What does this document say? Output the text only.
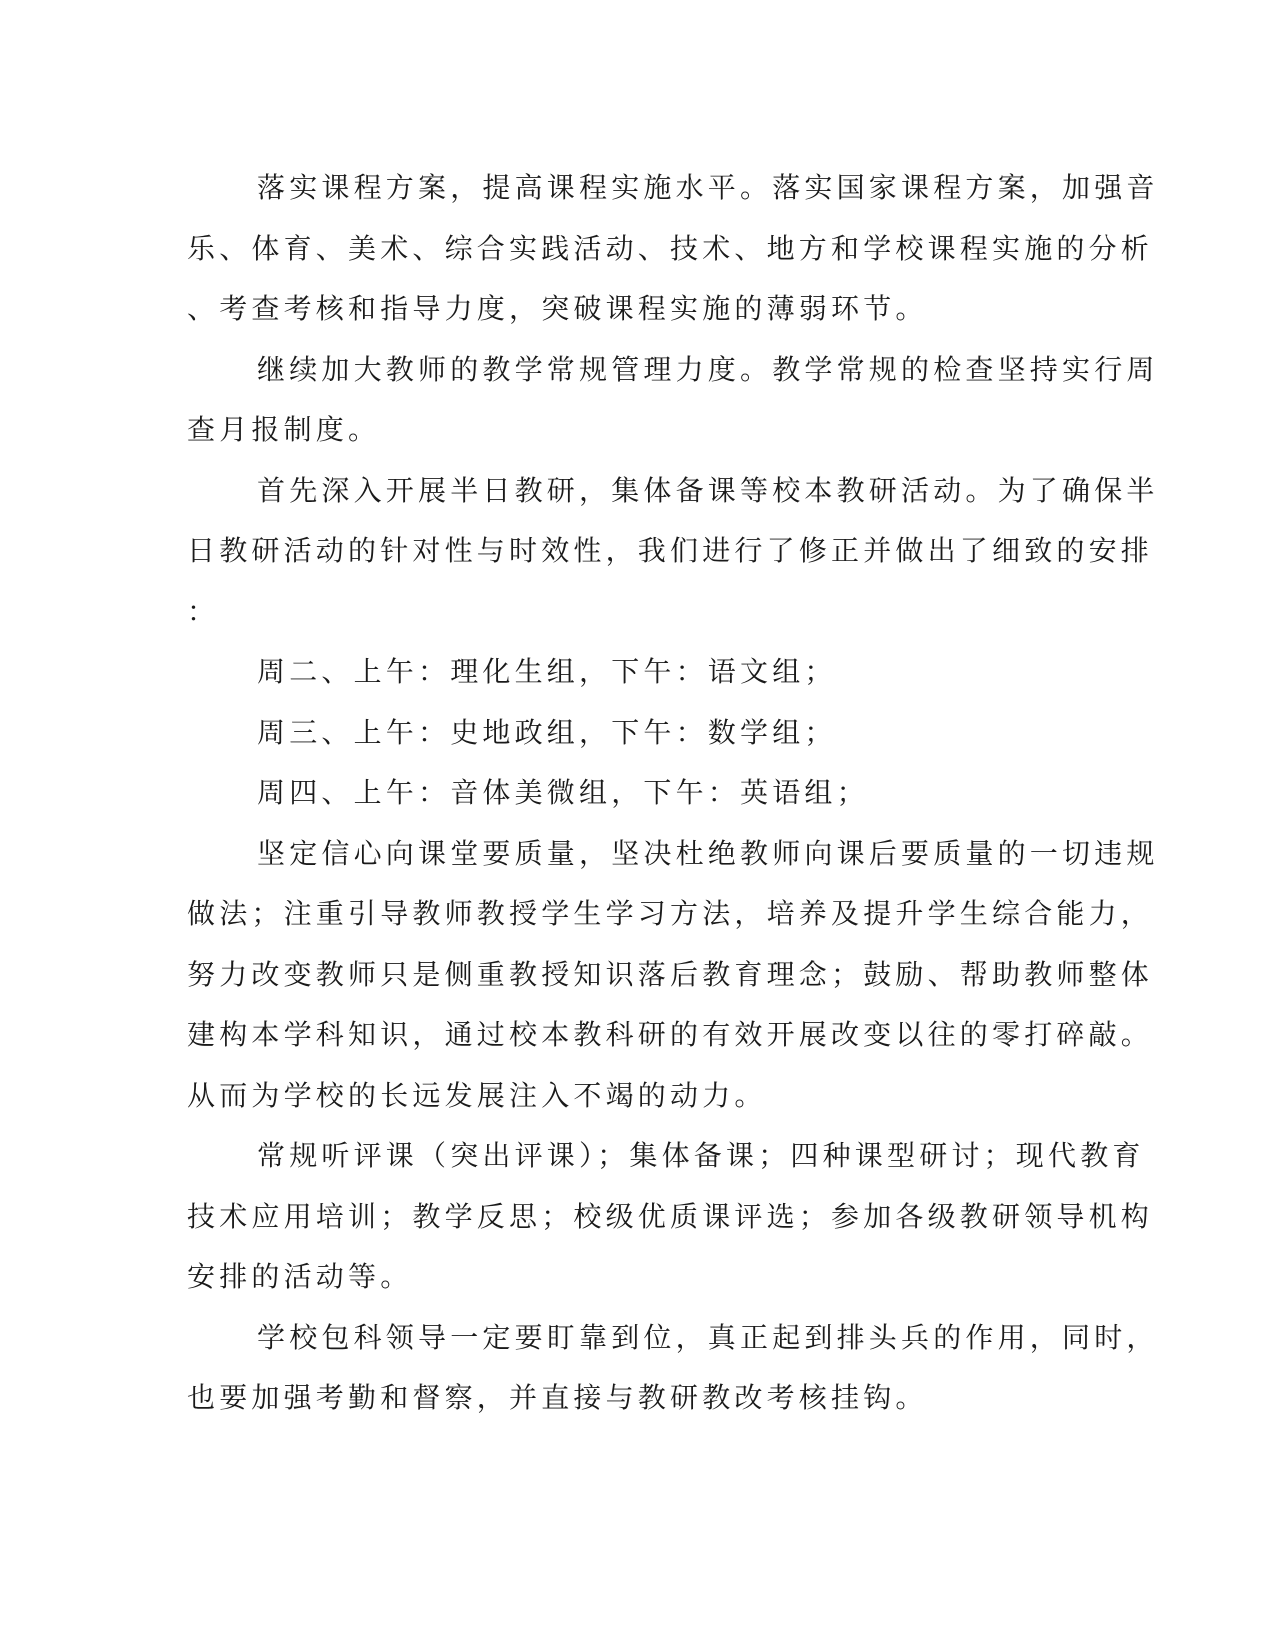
落实课程方案，提高课程实施水平。落实国家课程方案，加强音
乐、体育、美术、综合实践活动、技术、地方和学校课程实施的分析
、考查考核和指导力度，突破课程实施的薄弱环节。
继续加大教师的教学常规管理力度。教学常规的检查坚持实行周
查月报制度。
首先深入开展半日教研，集体备课等校本教研活动。为了确保半
日教研活动的针对性与时效性，我们进行了修正并做出了细致的安排
：
周二、上午：理化生组，下午：语文组；
周三、上午：史地政组，下午：数学组；
周四、上午：音体美微组，下午：英语组；
坚定信心向课堂要质量，坚决杜绝教师向课后要质量的一切违规
做法；注重引导教师教授学生学习方法，培养及提升学生综合能力，
努力改变教师只是侧重教授知识落后教育理念；鼓励、帮助教师整体
建构本学科知识，通过校本教科研的有效开展改变以往的零打碎敲。
从而为学校的长远发展注入不竭的动力。
常规听评课（突出评课）；集体备课；四种课型研讨；现代教育
技术应用培训；教学反思；校级优质课评选；参加各级教研领导机构
安排的活动等。
学校包科领导一定要盯靠到位，真正起到排头兵的作用，同时，
也要加强考勤和督察，并直接与教研教改考核挂钩。
